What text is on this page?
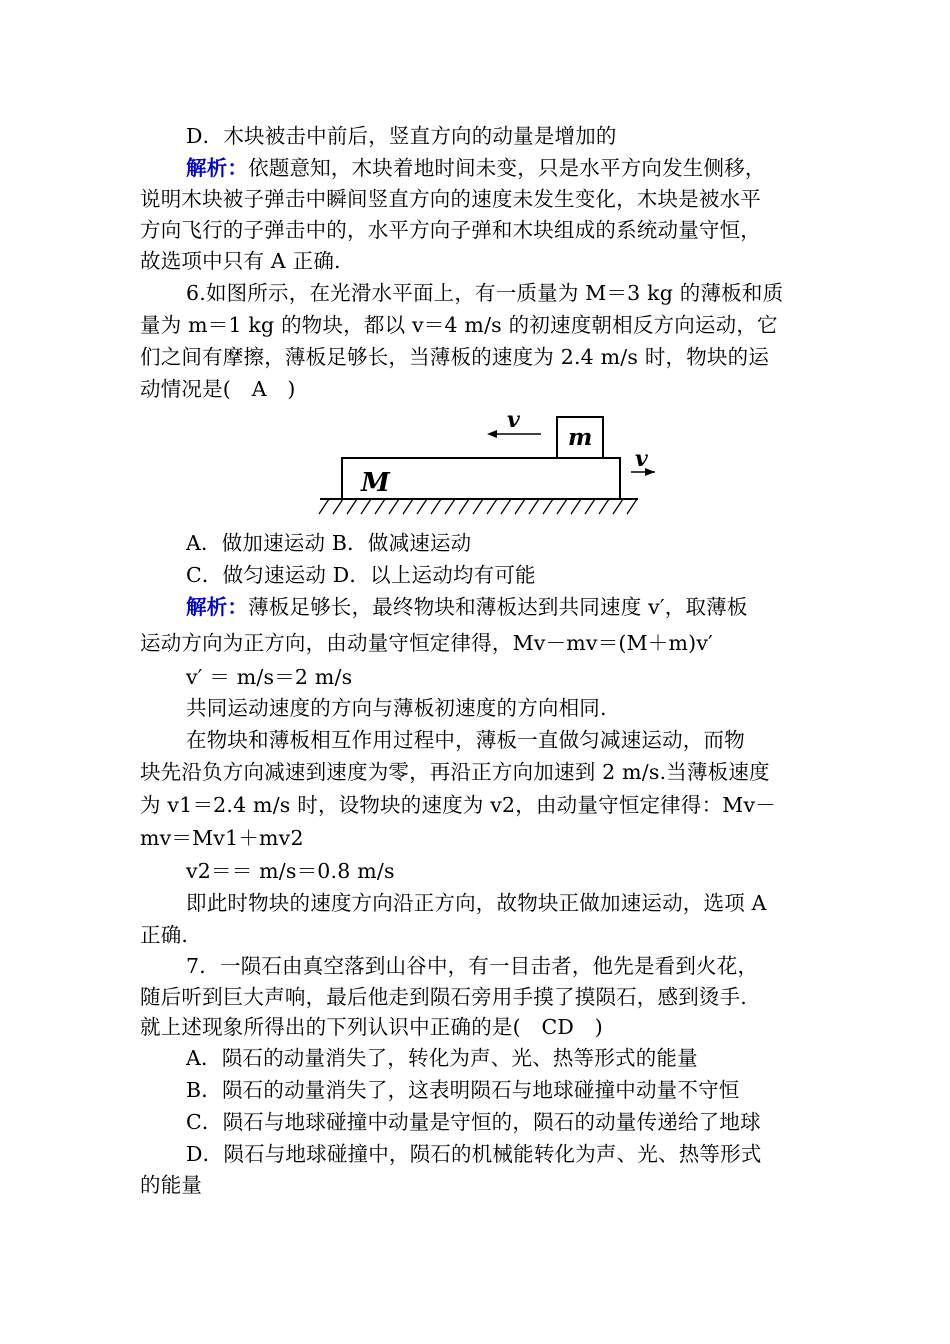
D．木块被击中前后，竖直方向的动量是增加的
解析：依题意知，木块着地时间未变，只是水平方向发生侧移，
说明木块被子弹击中瞬间竖直方向的速度未发生变化，木块是被水平
方向飞行的子弹击中的，水平方向子弹和木块组成的系统动量守恒，
故选项中只有 A 正确.
6.如图所示，在光滑水平面上，有一质量为 M＝3 kg 的薄板和质
量为 m＝1 kg 的物块，都以 v＝4 m/s 的初速度朝相反方向运动，它
们之间有摩擦，薄板足够长，当薄板的速度为 2.4 m/s 时，物块的运
动情况是(　A　)
M
m
v
v
A．做加速运动 B．做减速运动
C．做匀速运动 D．以上运动均有可能
解析：薄板足够长，最终物块和薄板达到共同速度 v′，取薄板
运动方向为正方向，由动量守恒定律得，Mv－mv＝(M＋m)v′
v′ ＝ m/s＝2 m/s
共同运动速度的方向与薄板初速度的方向相同.
在物块和薄板相互作用过程中，薄板一直做匀减速运动，而物
块先沿负方向减速到速度为零，再沿正方向加速到 2 m/s.当薄板速度
为 v1＝2.4 m/s 时，设物块的速度为 v2，由动量守恒定律得：Mv－
mv＝Mv1＋mv2
v2＝＝ m/s＝0.8 m/s
即此时物块的速度方向沿正方向，故物块正做加速运动，选项 A
正确.
7．一陨石由真空落到山谷中，有一目击者，他先是看到火花，
随后听到巨大声响，最后他走到陨石旁用手摸了摸陨石，感到烫手.
就上述现象所得出的下列认识中正确的是(　CD　)
A．陨石的动量消失了，转化为声、光、热等形式的能量
B．陨石的动量消失了，这表明陨石与地球碰撞中动量不守恒
C．陨石与地球碰撞中动量是守恒的，陨石的动量传递给了地球
D．陨石与地球碰撞中，陨石的机械能转化为声、光、热等形式
的能量
